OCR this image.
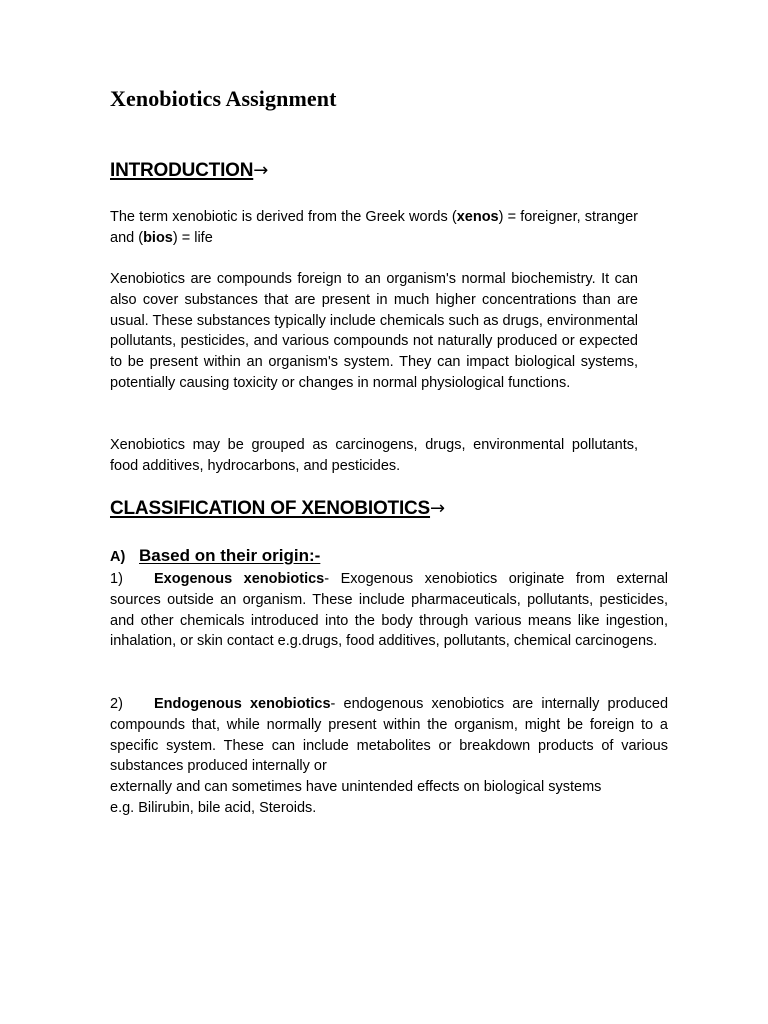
Xenobiotics Assignment
INTRODUCTION→

The term xenobiotic is derived from the Greek words (xenos) = foreigner, stranger and (bios) = life

Xenobiotics are compounds foreign to an organism's normal biochemistry. It can also cover substances that are present in much higher concentrations than are usual. These substances typically include chemicals such as drugs, environmental pollutants, pesticides, and various compounds not naturally produced or expected to be present within an organism's system. They can impact biological systems, potentially causing toxicity or changes in normal physiological functions.

Xenobiotics may be grouped as carcinogens, drugs, environmental pollutants, food additives, hydrocarbons, and pesticides.

CLASSIFICATION OF XENOBIOTICS→
A) Based on their origin:-

1) Exogenous xenobiotics- Exogenous xenobiotics originate from external sources outside an organism. These include pharmaceuticals, pollutants, pesticides, and other chemicals introduced into the body through various means like ingestion, inhalation, or skin contact e.g.drugs, food additives, pollutants, chemical carcinogens.

2) Endogenous xenobiotics- endogenous xenobiotics are internally produced compounds that, while normally present within the organism, might be foreign to a specific system. These can include metabolites or breakdown products of various substances produced internally or

externally and can sometimes have unintended effects on biological systems

e.g. Bilirubin, bile acid, Steroids.
